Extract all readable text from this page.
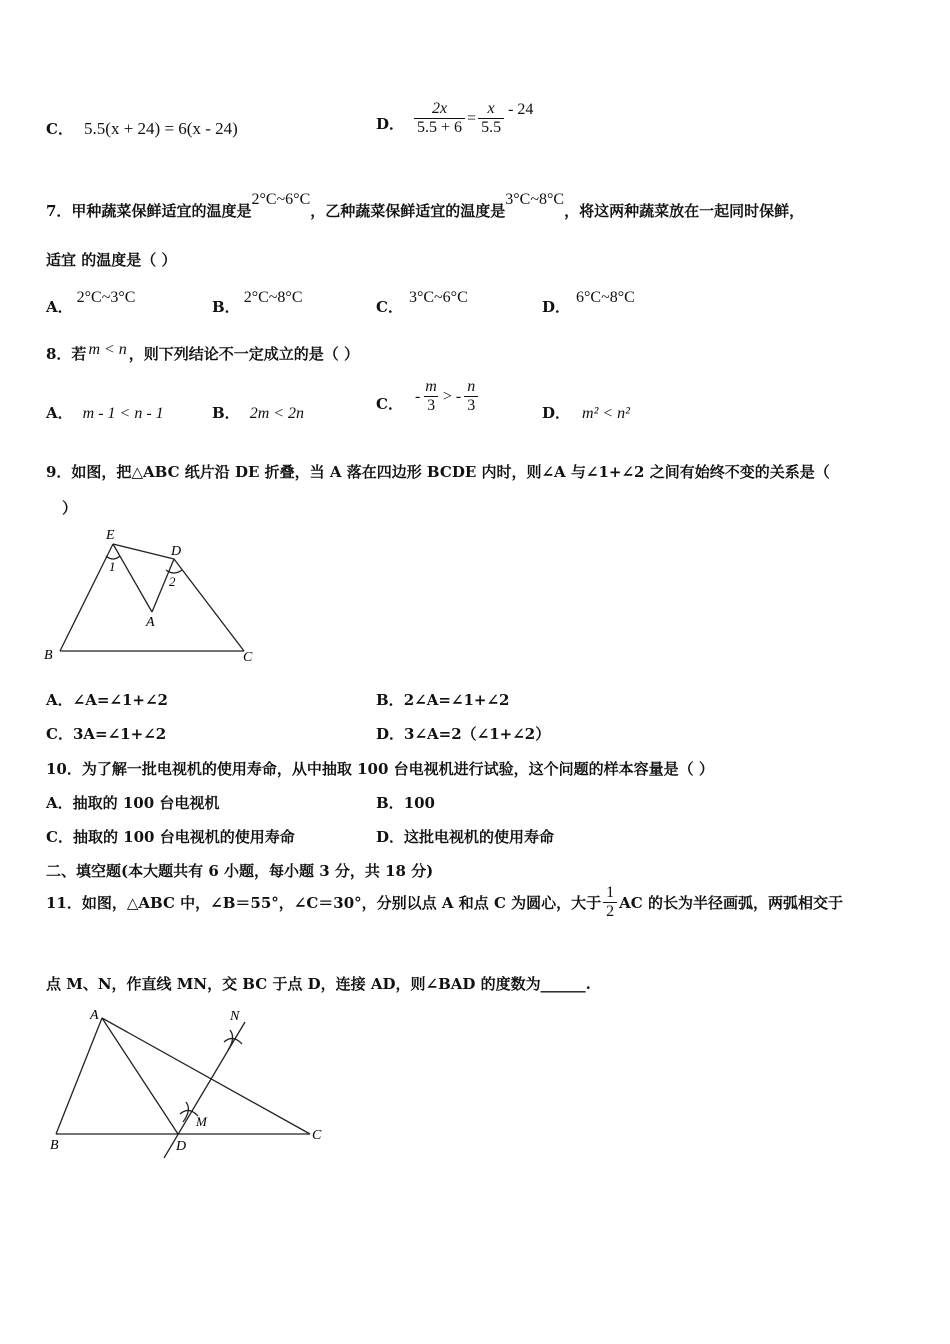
C． 5.5(x + 24) = 6(x - 24)	D． $\frac{2x}{5.5 + 6} = \frac{x}{5.5} - 24$
7．甲种蔬菜保鲜适宜的温度是2°C~6°C，乙种蔬菜保鲜适宜的温度是3°C~8°C，将这两种蔬菜放在一起同时保鲜，
适宜 的温度是（ ）
A．2°C~3°C
B．2°C~8°C
C．3°C~6°C
D．6°C~8°C
8．若 m < n ，则下列结论不一定成立的是（ ）
A． m - 1 < n - 1	B． 2m < 2n
C． - $\frac{m}{3}$ > - $\frac{n}{3}$	D． m² < n²
9．如图，把△ABC 纸片沿 DE 折叠，当 A 落在四边形 BCDE 内时，则∠A 与∠1+∠2 之间有始终不变的关系是（
）
E
D
1
2
A
B	C
A．∠A=∠1+∠2	B．2∠A=∠1+∠2
C．3A=∠1+∠2	D．3∠A=2（∠1+∠2）
10．为了解一批电视机的使用寿命，从中抽取 100 台电视机进行试验，这个问题的样本容量是（ ）
A．抽取的 100 台电视机	B．100
C．抽取的 100 台电视机的使用寿命	D．这批电视机的使用寿命
二、填空题(本大题共有 6 小题，每小题 3 分，共 18 分)
11．如图，△ABC 中，∠B＝55°，∠C＝30°，分别以点 A 和点 C 为圆心，大于 $\frac{1}{2}$ AC 的长为半径画弧，两弧相交于
点 M、N，作直线 MN，交 BC 于点 D，连接 AD，则∠BAD 的度数为______.
A	N
M
B	D
C
